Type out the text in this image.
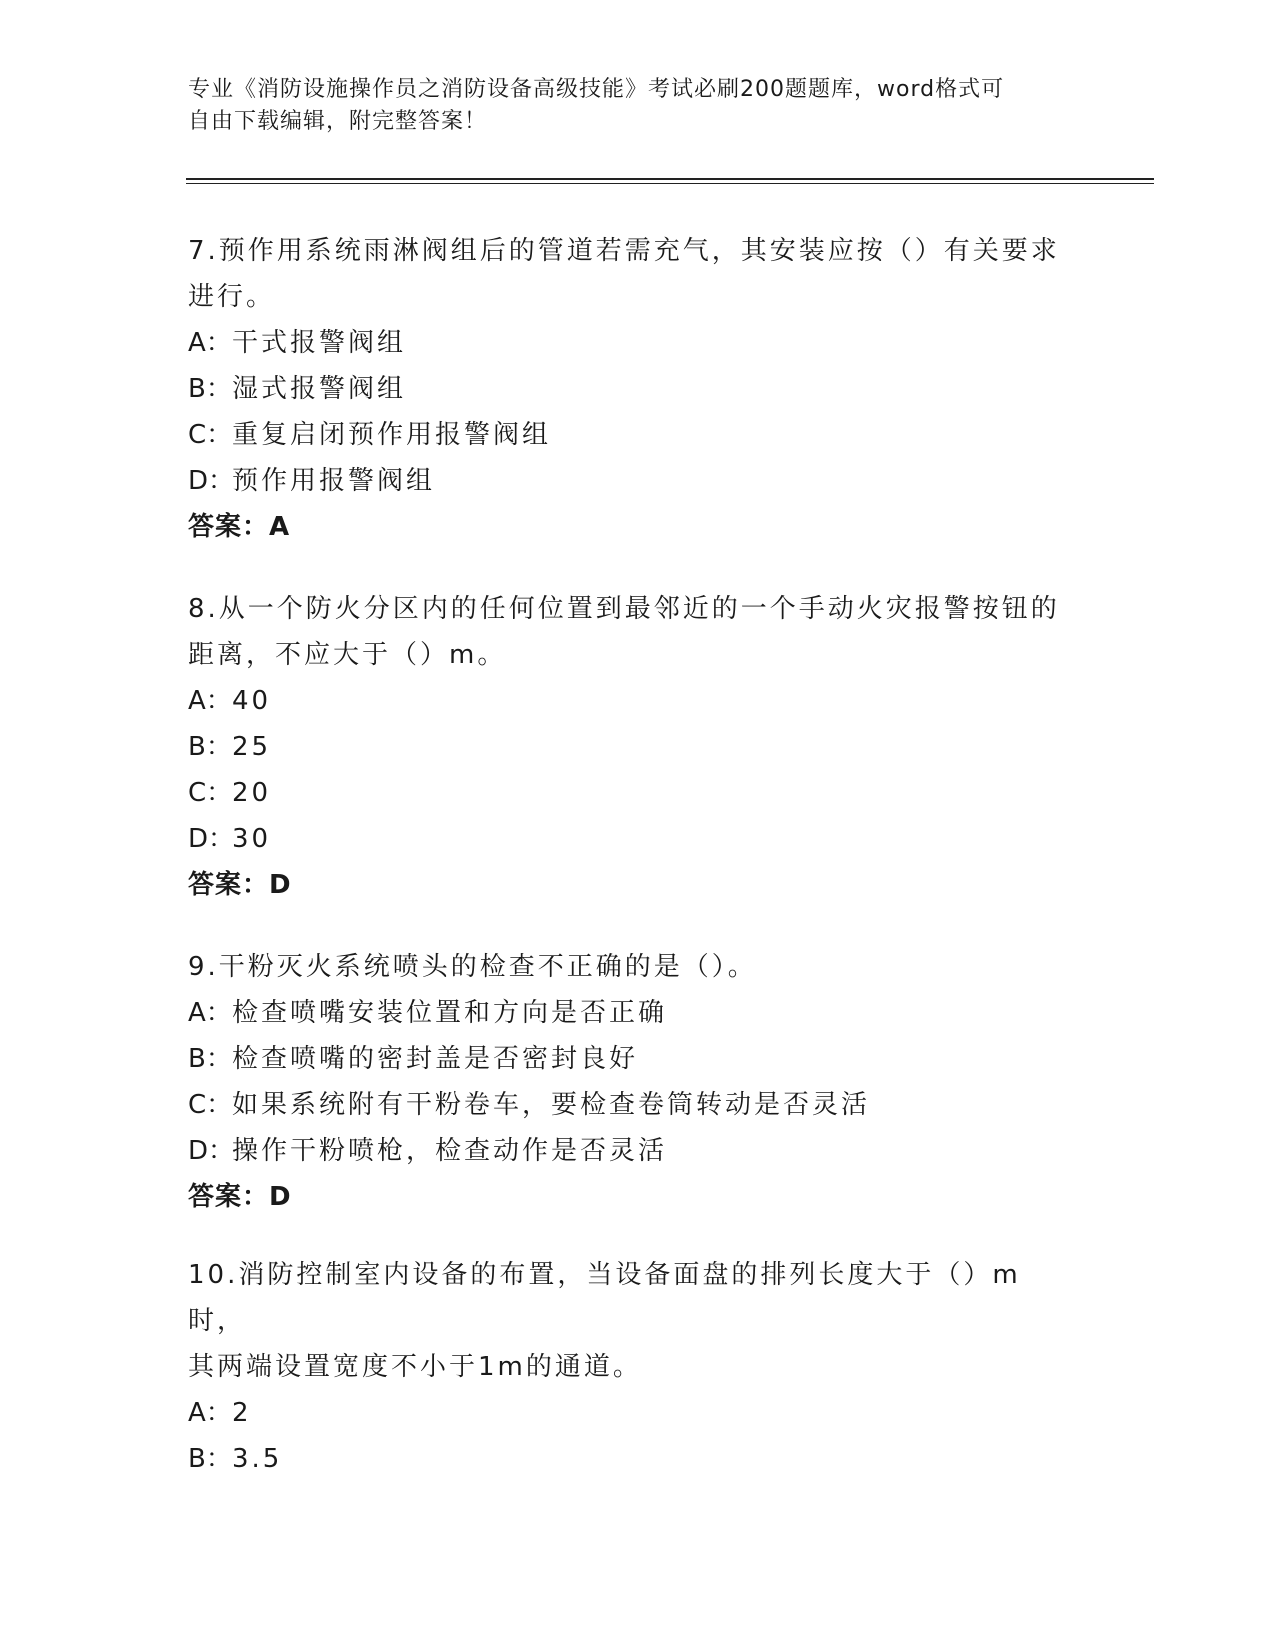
专业《消防设施操作员之消防设备高级技能》考试必刷200题题库，word格式可
自由下载编辑，附完整答案！
7.预作用系统雨淋阀组后的管道若需充气，其安装应按（）有关要求
进行。
A：干式报警阀组
B：湿式报警阀组
C：重复启闭预作用报警阀组
D：预作用报警阀组
答案：A
8.从一个防火分区内的任何位置到最邻近的一个手动火灾报警按钮的
距离，不应大于（）m。
A：40
B：25
C：20
D：30
答案：D
9.干粉灭火系统喷头的检查不正确的是（）。
A：检查喷嘴安装位置和方向是否正确
B：检查喷嘴的密封盖是否密封良好
C：如果系统附有干粉卷车，要检查卷筒转动是否灵活
D：操作干粉喷枪，检查动作是否灵活
答案：D
10.消防控制室内设备的布置，当设备面盘的排列长度大于（）m时，
其两端设置宽度不小于1m的通道。
A：2
B：3.5
